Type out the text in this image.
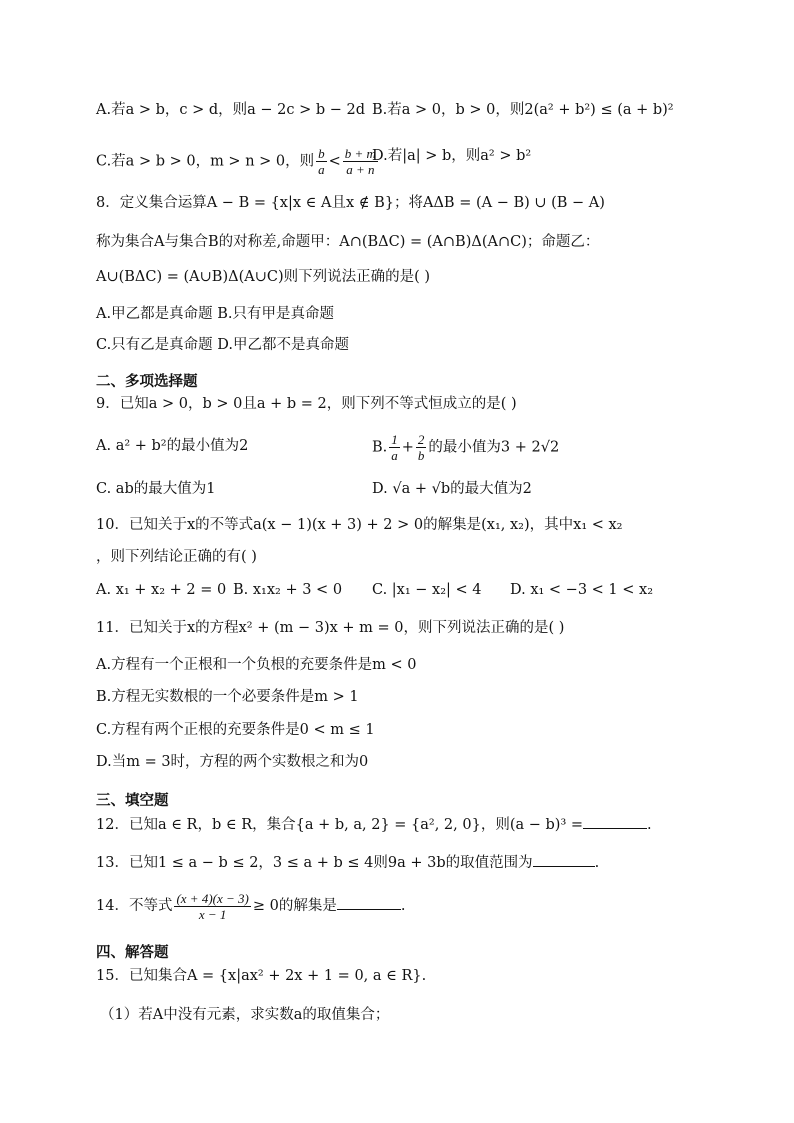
A.若a > b，c > d，则a − 2c > b − 2d B.若a > 0，b > 0，则2(a² + b²) ≤ (a + b)²
C.若a > b > 0，m > n > 0，则 $\frac{b}{a} < \frac{b + m}{a + n}$
D.若|a| > b，则a² > b²
8．定义集合运算A − B = {x|x ∈ A且x ∉ B}；将AΔB = (A − B) ∪ (B − A)
称为集合A与集合B的对称差,命题甲：A∩(BΔC) = (A∩B)Δ(A∩C)；命题乙：
A∪(BΔC) = (A∪B)Δ(A∪C)则下列说法正确的是( )
A.甲乙都是真命题 B.只有甲是真命题
C.只有乙是真命题 D.甲乙都不是真命题
二、多项选择题
9．已知a > 0，b > 0且a + b = 2，则下列不等式恒成立的是( )
A. a² + b²的最小值为2	B. $\frac{1}{a} + \frac{2}{b}$ 的最小值为3 + 2√2
C. ab的最大值为1	D. √a + √b的最大值为2
10．已知关于x的不等式a(x − 1)(x + 3) + 2 > 0的解集是(x₁, x₂)，其中x₁ < x₂
，则下列结论正确的有( )
A. x₁ + x₂ + 2 = 0 B. x₁x₂ + 3 < 0 C. |x₁ − x₂| < 4 D. x₁ < −3 < 1 < x₂
11．已知关于x的方程x² + (m − 3)x + m = 0，则下列说法正确的是( )
A.方程有一个正根和一个负根的充要条件是m < 0
B.方程无实数根的一个必要条件是m > 1
C.方程有两个正根的充要条件是0 < m ≤ 1
D.当m = 3时，方程的两个实数根之和为0
三、填空题
12．已知a ∈ R，b ∈ R，集合{a + b, a, 2} = {a², 2, 0}，则(a − b)³ =	.
13．已知1 ≤ a − b ≤ 2，3 ≤ a + b ≤ 4则9a + 3b的取值范围为	.
14．不等式 $\frac{(x + 4)(x - 3)}{x - 1} \ge 0$的解集是	.
四、解答题
15．已知集合A = {x|ax² + 2x + 1 = 0, a ∈ R}.
（1）若A中没有元素，求实数a的取值集合；
